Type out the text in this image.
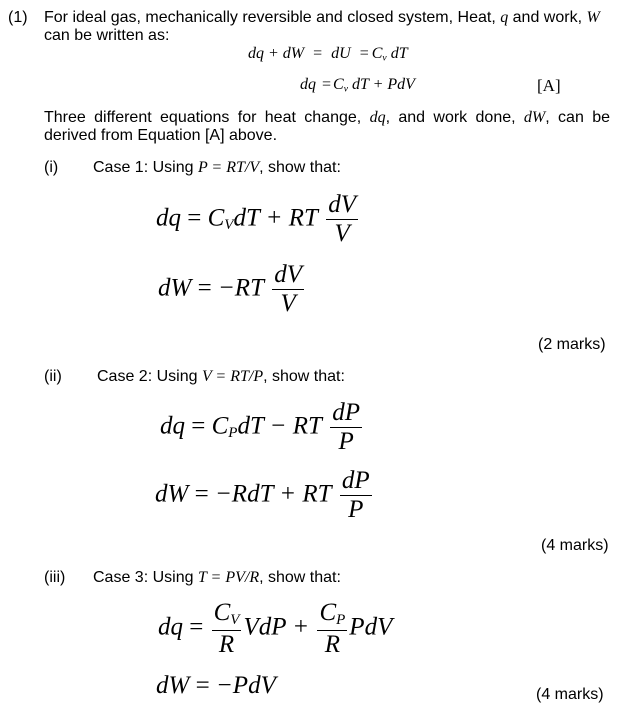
(1) For ideal gas, mechanically reversible and closed system, Heat, q and work, W
can be written as:
dq + dW = dU = $C_v$ dT
dq = $C_v$ dT + PdV	[A]
Three different equations for heat change, dq, and work done, dW, can be
derived from Equation [A] above.
(i) Case 1: Using P = RT/V, show that:
dq = $C_VdT$ + RT $\frac{dV}{V}$
dW = $-RT \frac{dV}{V}$
(2 marks)
(ii) Case 2: Using V = RT/P, show that:
dq = $C_PdT$ − RT $\frac{dP}{P}$
dW = −RdT + RT $\frac{dP}{P}$
(4 marks)
(iii) Case 3: Using T = PV/R, show that:
dq = $\frac{C_V}{R}$ VdP + $\frac{C_P}{R}$ PdV
dW = −PdV	(4 marks)
